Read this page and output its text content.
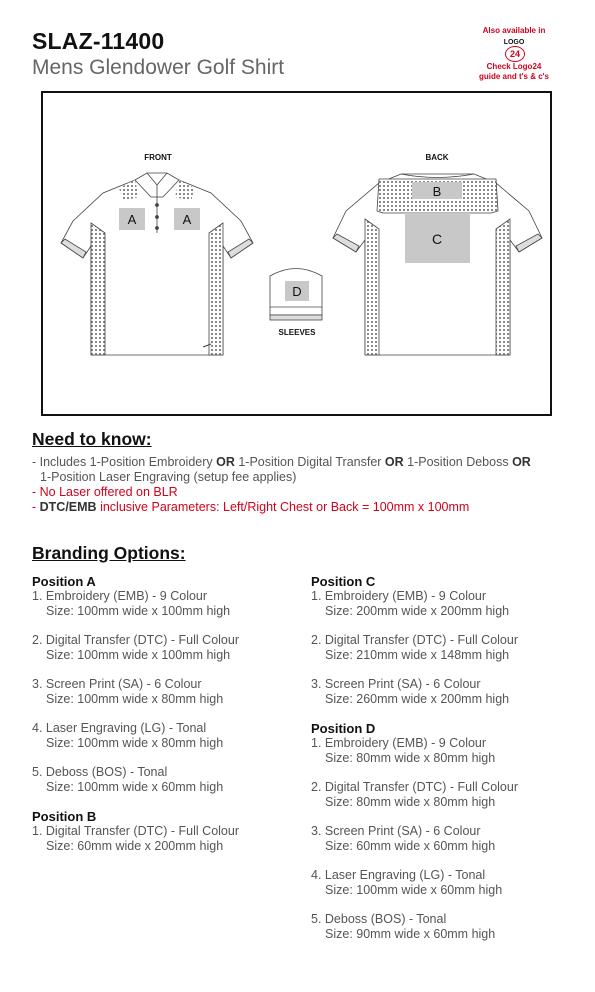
SLAZ-11400
Mens Glendower Golf Shirt
Also available in
LOGO
24
Check Logo24
guide and t's & c's
FRONT
A	A
D
SLEEVES
BACK
B
C
Need to know:
- Includes 1-Position Embroidery OR 1-Position Digital Transfer OR 1-Position Deboss OR
1-Position Laser Engraving (setup fee applies)
- No Laser offered on BLR
- DTC/EMB inclusive Parameters: Left/Right Chest or Back = 100mm x 100mm
Branding Options:
Position A
1. Embroidery (EMB) - 9 Colour
Size: 100mm wide x 100mm high
2. Digital Transfer (DTC) - Full Colour
Size: 100mm wide x 100mm high
3. Screen Print (SA) - 6 Colour
Size: 100mm wide x 80mm high
4. Laser Engraving (LG) - Tonal
Size: 100mm wide x 80mm high
5. Deboss (BOS) - Tonal
Size: 100mm wide x 60mm high
Position B
1. Digital Transfer (DTC) - Full Colour
Size: 60mm wide x 200mm high
Position C
1. Embroidery (EMB) - 9 Colour
Size: 200mm wide x 200mm high
2. Digital Transfer (DTC) - Full Colour
Size: 210mm wide x 148mm high
3. Screen Print (SA) - 6 Colour
Size: 260mm wide x 200mm high
Position D
1. Embroidery (EMB) - 9 Colour
Size: 80mm wide x 80mm high
2. Digital Transfer (DTC) - Full Colour
Size: 80mm wide x 80mm high
3. Screen Print (SA) - 6 Colour
Size: 60mm wide x 60mm high
4. Laser Engraving (LG) - Tonal
Size: 100mm wide x 60mm high
5. Deboss (BOS) - Tonal
Size: 90mm wide x 60mm high
